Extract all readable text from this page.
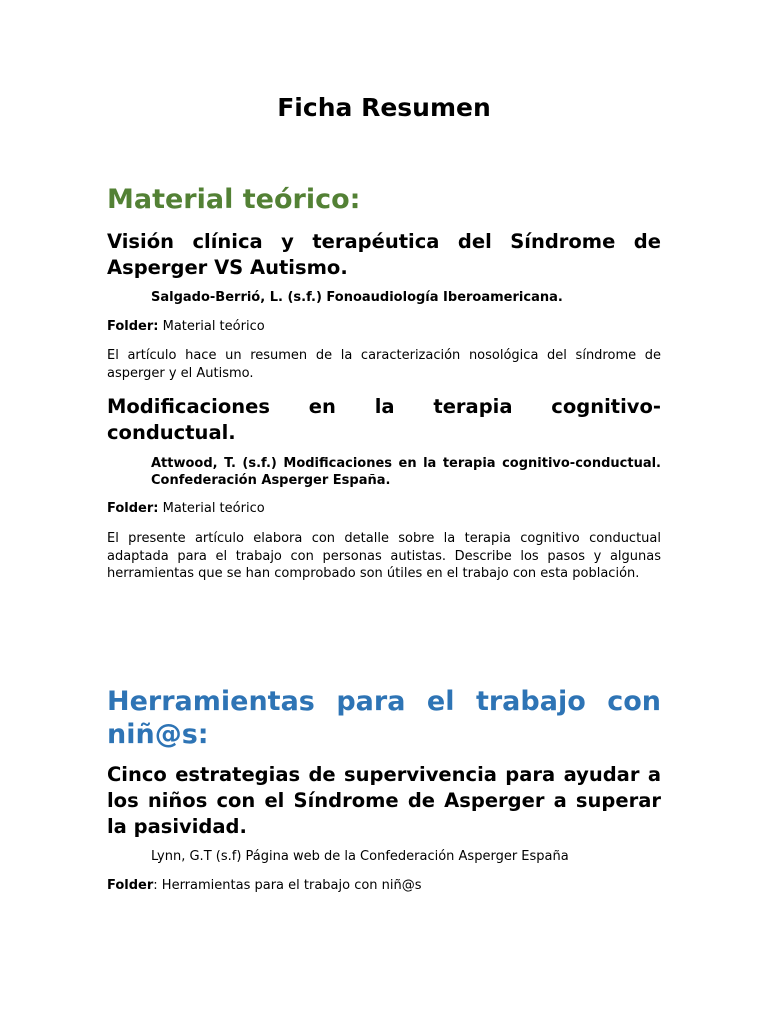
Ficha Resumen
Material teórico:
Visión clínica y terapéutica del Síndrome de Asperger VS Autismo.
Salgado-Berrió, L. (s.f.) Fonoaudiología Iberoamericana.
Folder: Material teórico
El artículo hace un resumen de la caracterización nosológica del síndrome de asperger y el Autismo.
Modificaciones en la terapia cognitivo-conductual.
Attwood, T. (s.f.) Modificaciones en la terapia cognitivo-conductual. Confederación Asperger España.
Folder: Material teórico
El presente artículo elabora con detalle sobre la terapia cognitivo conductual adaptada para el trabajo con personas autistas. Describe los pasos y algunas herramientas que se han comprobado son útiles en el trabajo con esta población.
Herramientas para el trabajo con niñ@s:
Cinco estrategias de supervivencia para ayudar a los niños con el Síndrome de Asperger a superar la pasividad.
Lynn, G.T (s.f) Página web de la Confederación Asperger España
Folder: Herramientas para el trabajo con niñ@s
